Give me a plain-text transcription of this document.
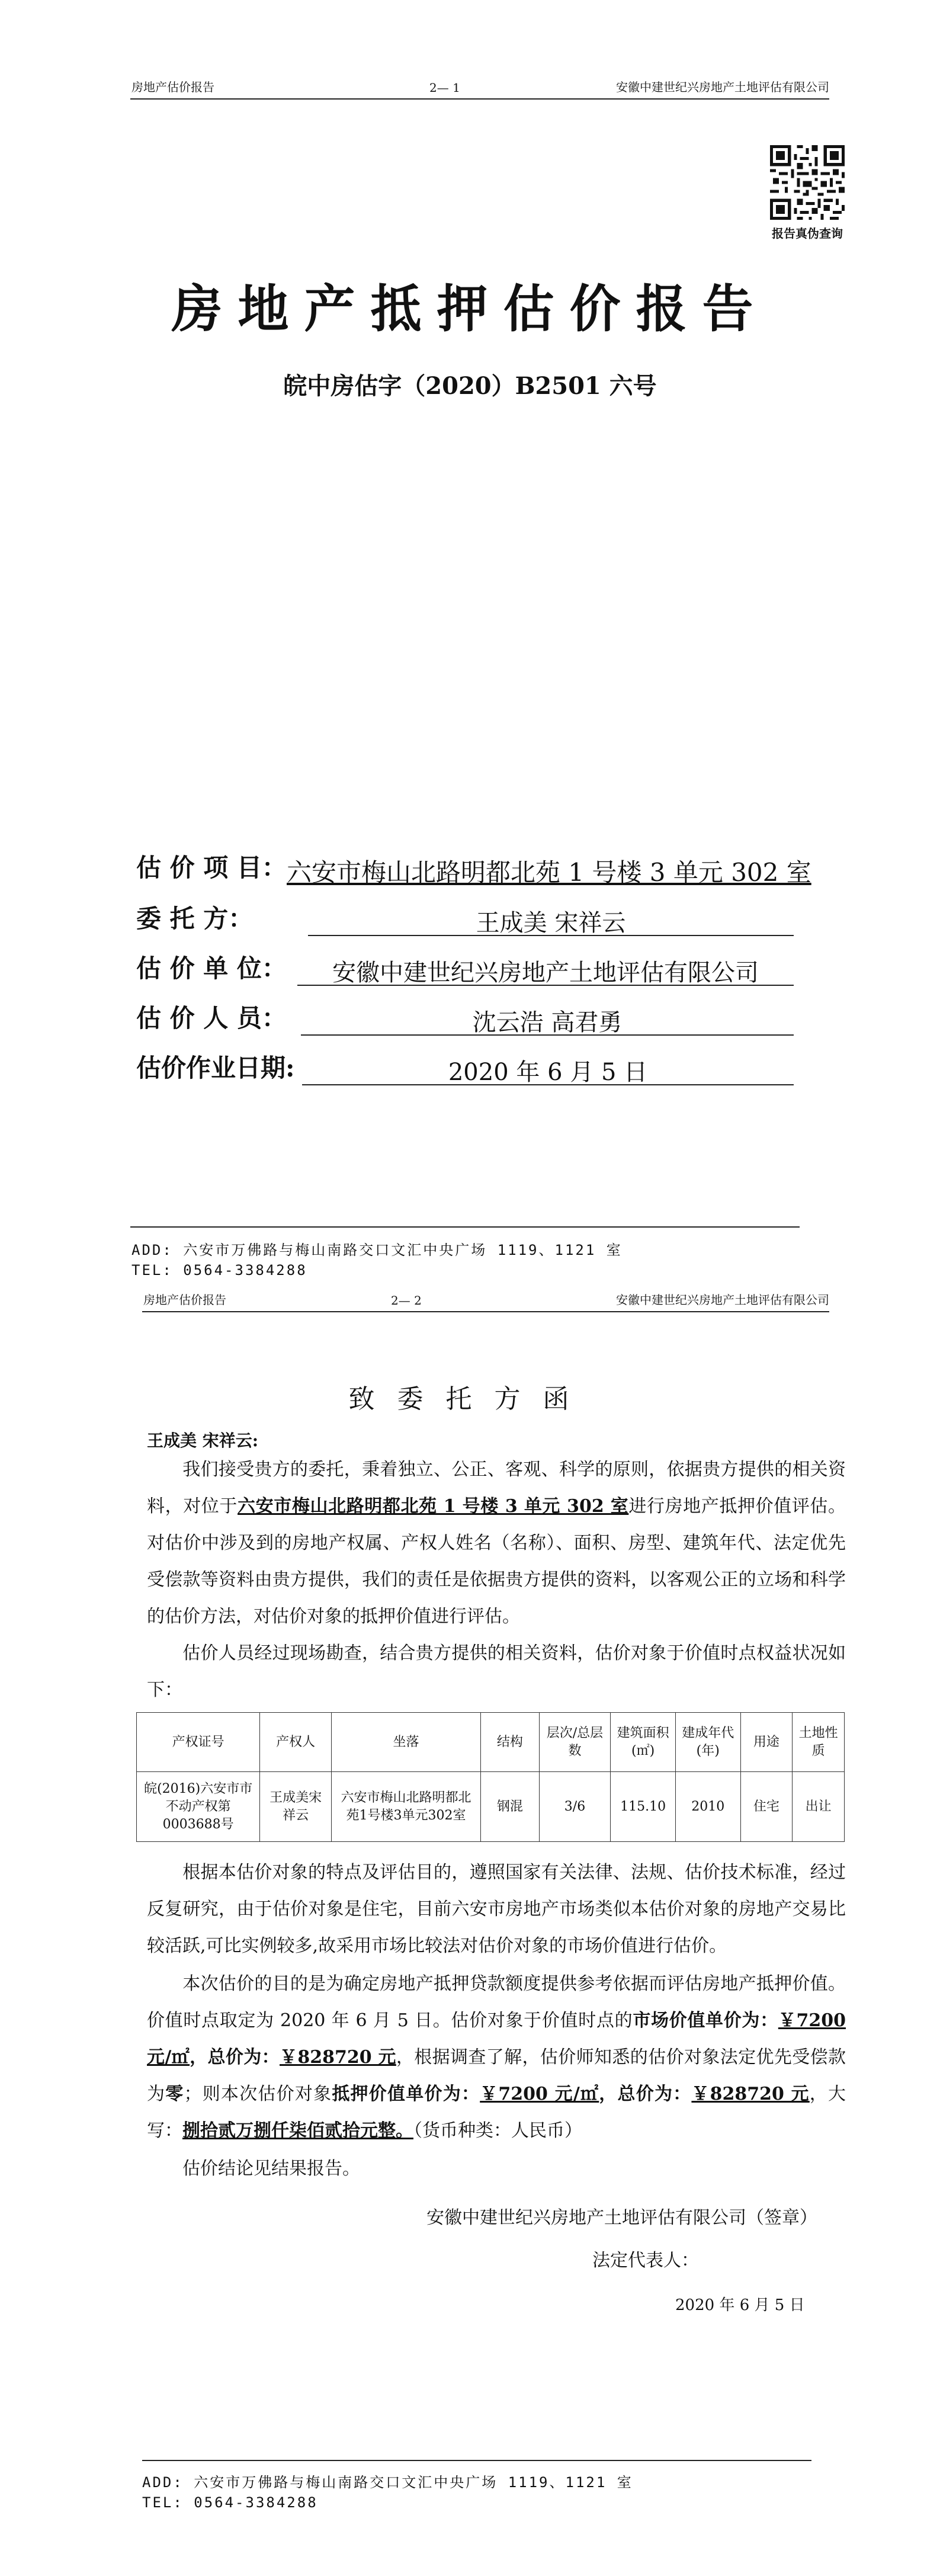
房地产估价报告	2— 1	安徽中建世纪兴房地产土地评估有限公司
报告真伪查询
房地产抵押估价报告
皖中房估字（2020）B2501 六号
估 价 项 目： 六安市梅山北路明都北苑 1 号楼 3 单元 302 室
委 托 方：	王成美 宋祥云
估 价 单 位：	安徽中建世纪兴房地产土地评估有限公司
估 价 人 员：	沈云浩 高君勇
估价作业日期:	2020 年 6 月 5 日
ADD: 六安市万佛路与梅山南路交口文汇中央广场 1119、1121 室
TEL: 0564-3384288
房地产估价报告	2— 2	安徽中建世纪兴房地产土地评估有限公司
致委托方函
王成美 宋祥云:
我们接受贵方的委托，秉着独立、公正、客观、科学的原则，依据贵方提供的相关资料，对位于六安市梅山北路明都北苑 1 号楼 3 单元 302 室进行房地产抵押价值评估。对估价中涉及到的房地产权属、产权人姓名（名称）、面积、房型、建筑年代、法定优先受偿款等资料由贵方提供，我们的责任是依据贵方提供的资料，以客观公正的立场和科学的估价方法，对估价对象的抵押价值进行评估。
估价人员经过现场勘查，结合贵方提供的相关资料，估价对象于价值时点权益状况如下：
产权证号	产权人	坐落	结构	层次/总层数	建筑面积(㎡)	建成年代(年)	用途	土地性质
皖(2016)六安市市不动产权第0003688号	王成美宋祥云	六安市梅山北路明都北苑1号楼3单元302室	钢混	3/6	115.10	2010	住宅	出让
根据本估价对象的特点及评估目的，遵照国家有关法律、法规、估价技术标准，经过反复研究，由于估价对象是住宅，目前六安市房地产市场类似本估价对象的房地产交易比较活跃,可比实例较多,故采用市场比较法对估价对象的市场价值进行估价。
本次估价的目的是为确定房地产抵押贷款额度提供参考依据而评估房地产抵押价值。价值时点取定为 2020 年 6 月 5 日。估价对象于价值时点的市场价值单价为：￥7200 元/㎡，总价为：￥828720 元，根据调查了解，估价师知悉的估价对象法定优先受偿款为零；则本次估价对象抵押价值单价为：￥7200 元/㎡，总价为：￥828720 元，大写：捌拾贰万捌仟柒佰贰拾元整。（货币种类：人民币）
估价结论见结果报告。
安徽中建世纪兴房地产土地评估有限公司（签章）
法定代表人：
2020 年 6 月 5 日
ADD: 六安市万佛路与梅山南路交口文汇中央广场 1119、1121 室
TEL: 0564-3384288
